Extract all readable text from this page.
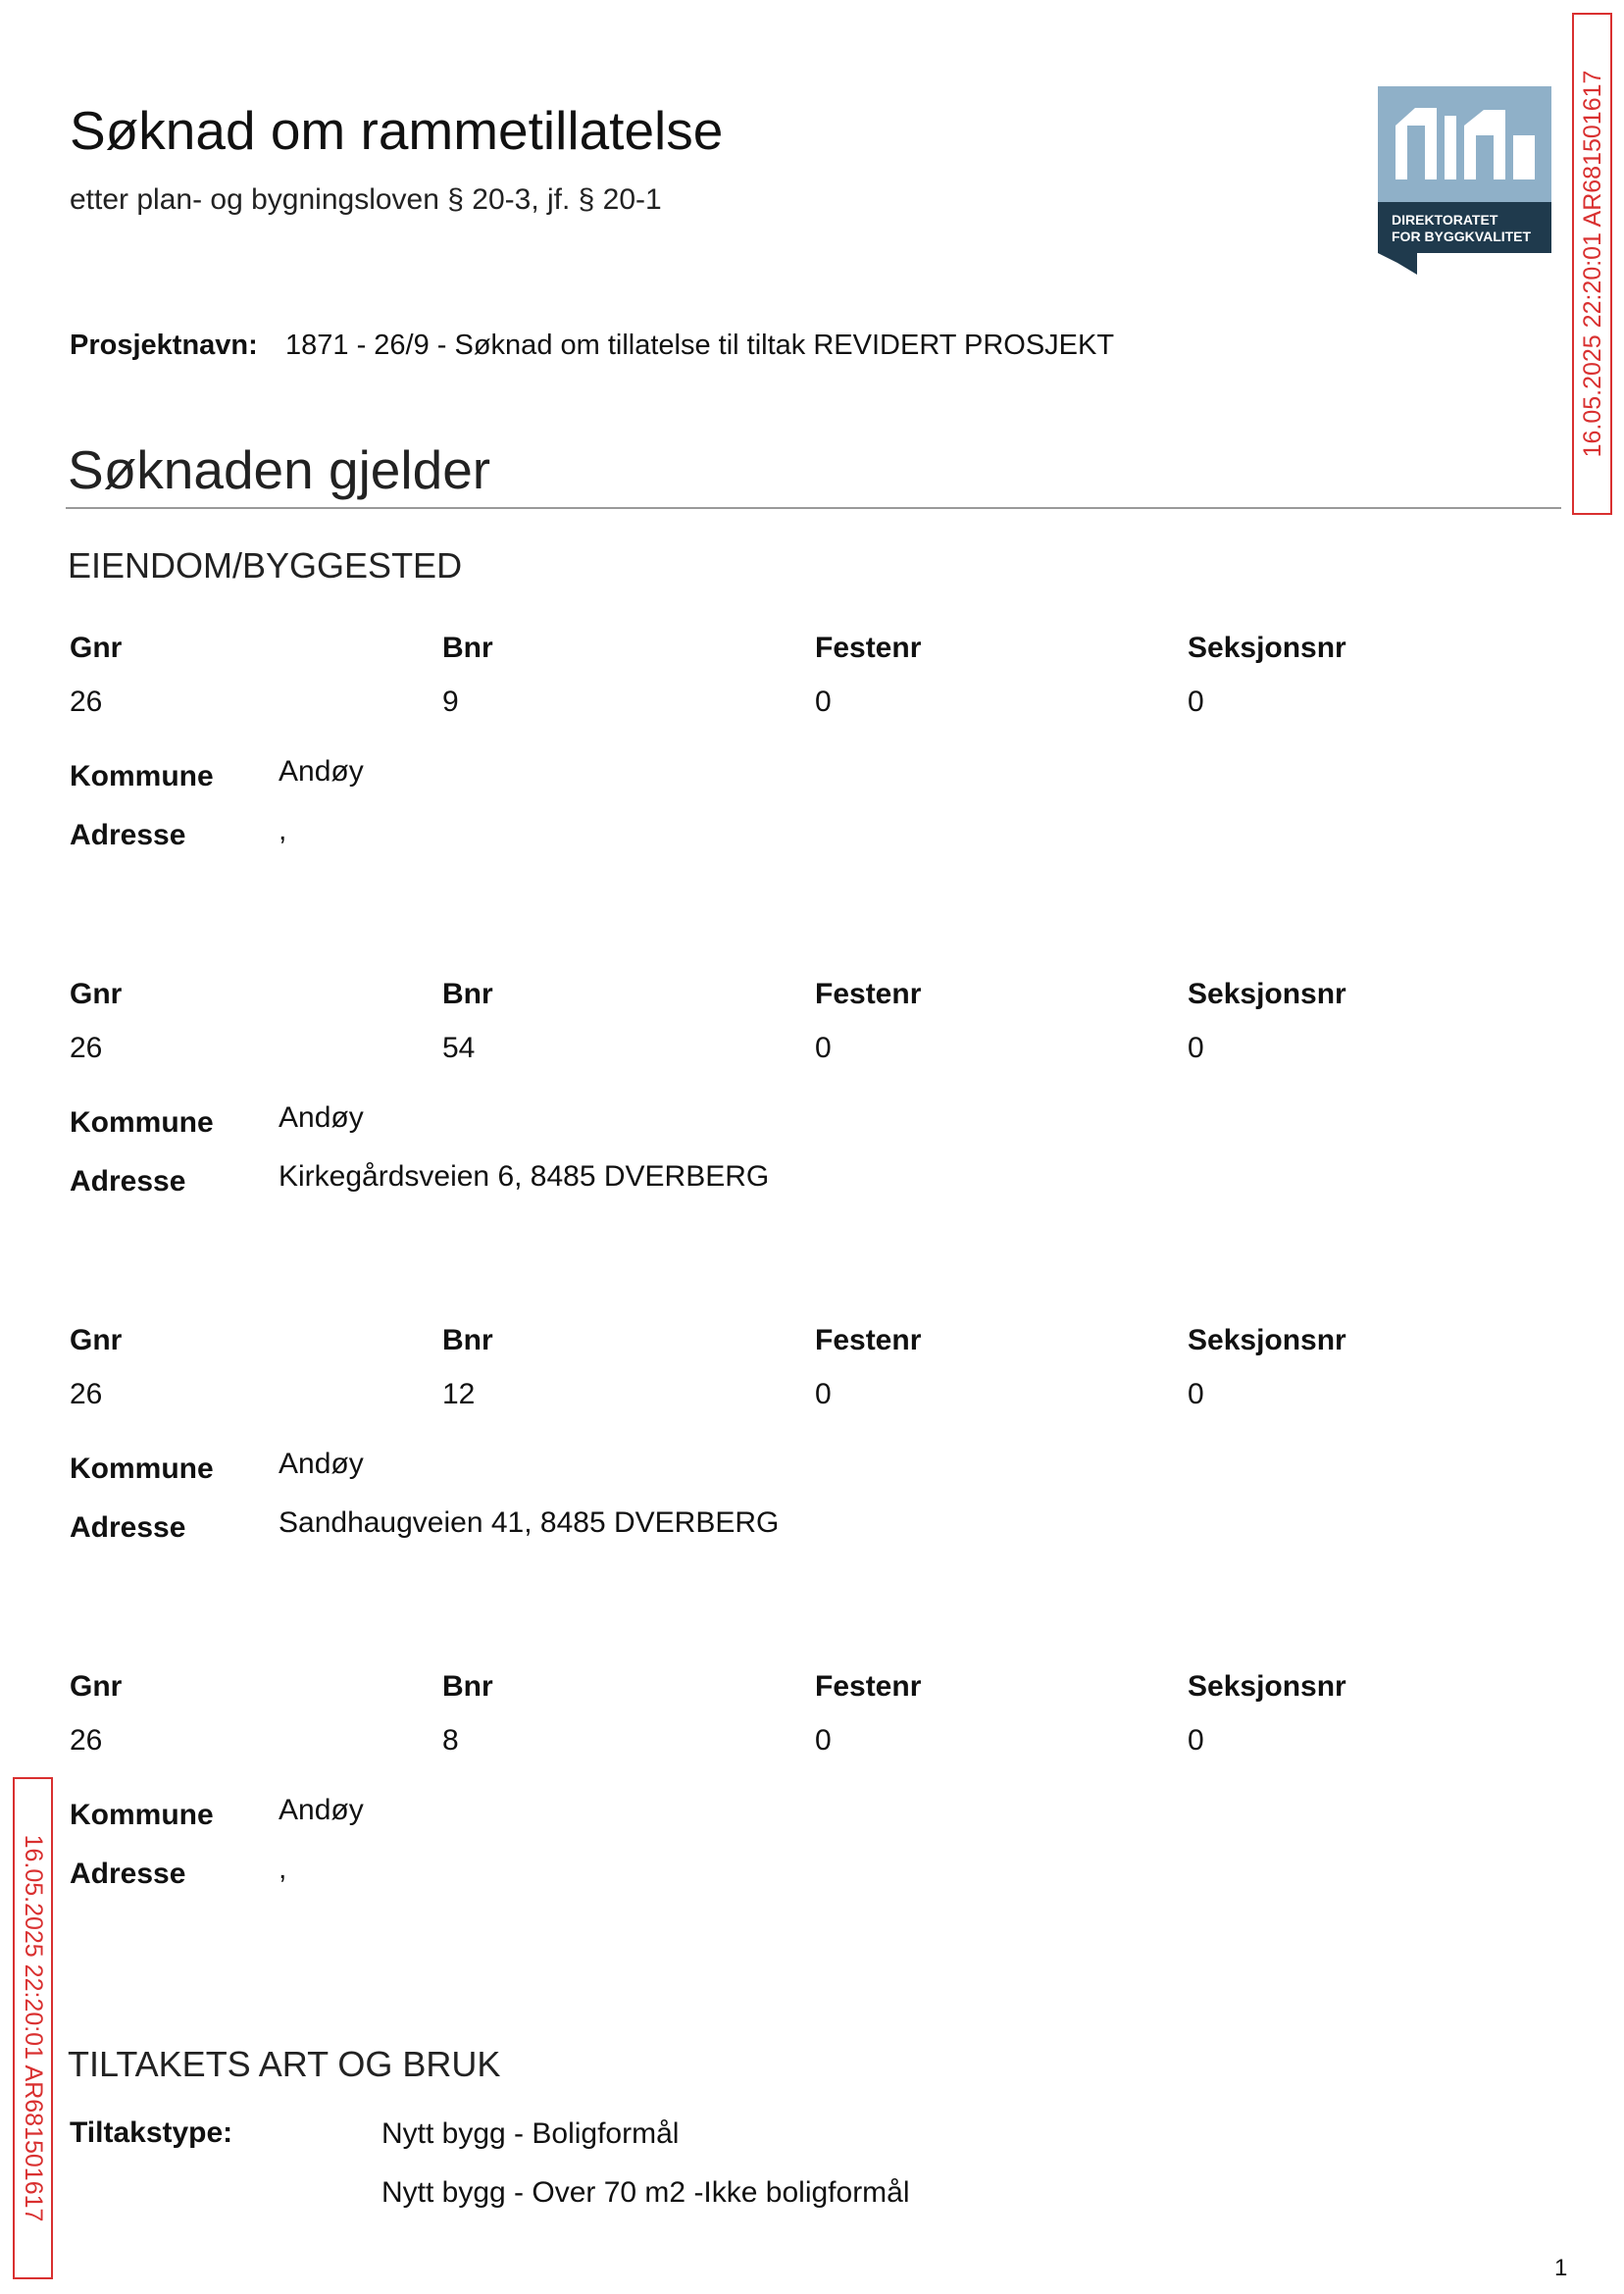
Søknad om rammetillatelse
etter plan- og bygningsloven § 20-3, jf. § 20-1
Prosjektnavn: 1871 - 26/9 - Søknad om tillatelse til tiltak REVIDERT PROSJEKT
DIREKTORATET
FOR BYGGKVALITET 16.05.2025 22:20:01 AR681501617
16.05.2025 22:20:01 AR681501617
Søknaden gjelder
EIENDOM/BYGGESTED
Gnr	Bnr	Festenr	Seksjonsnr
26	9	0	0
Kommune Andøy
Adresse	,
Gnr	Bnr	Festenr	Seksjonsnr
26	54	0	0
Kommune Andøy
Adresse	Kirkegårdsveien 6, 8485 DVERBERG
Gnr	Bnr	Festenr	Seksjonsnr
26	12	0	0
Kommune Andøy
Adresse	Sandhaugveien 41, 8485 DVERBERG
Gnr	Bnr	Festenr	Seksjonsnr
26	8	0	0
Kommune Andøy
Adresse	,
TILTAKETS ART OG BRUK
Tiltakstype:	Nytt bygg - Boligformål
Nytt bygg - Over 70 m2 -Ikke boligformål
1
